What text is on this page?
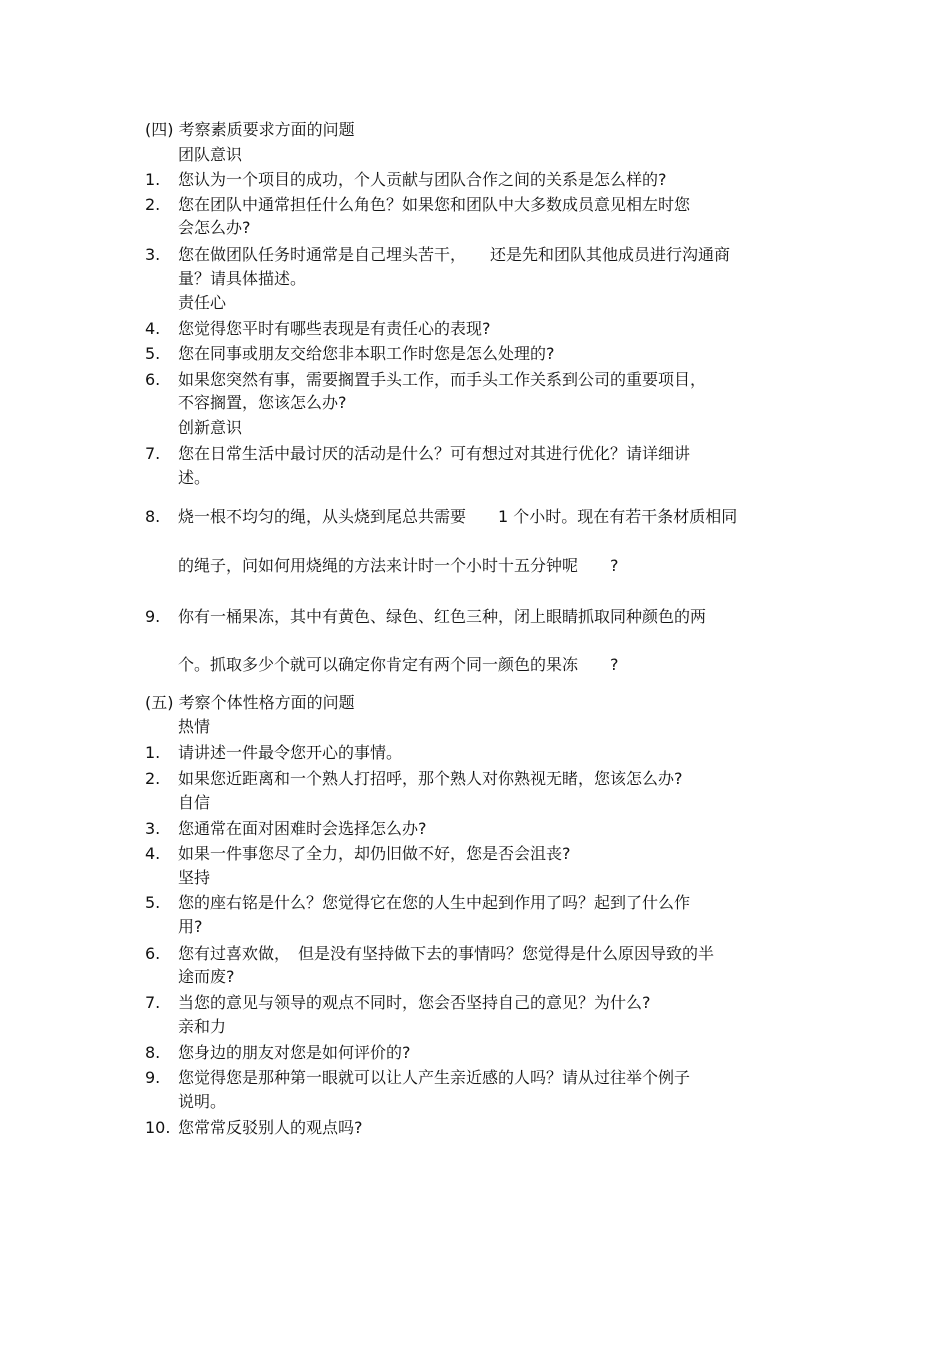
(四) 考察素质要求方面的问题
团队意识
1.	您认为一个项目的成功，个人贡献与团队合作之间的关系是怎么样的?
2.	您在团队中通常担任什么角色？如果您和团队中大多数成员意见相左时您
会怎么办?
3.	您在做团队任务时通常是自己埋头苦干，　　还是先和团队其他成员进行沟通商
量？请具体描述。
责任心
4.	您觉得您平时有哪些表现是有责任心的表现?
5.	您在同事或朋友交给您非本职工作时您是怎么处理的?
6.	如果您突然有事，需要搁置手头工作，而手头工作关系到公司的重要项目，
不容搁置，您该怎么办?
创新意识
7.	您在日常生活中最讨厌的活动是什么？可有想过对其进行优化？请详细讲
述。
8.	烧一根不均匀的绳，从头烧到尾总共需要　　1 个小时。现在有若干条材质相同
的绳子，问如何用烧绳的方法来计时一个小时十五分钟呢　　?
9.	你有一桶果冻，其中有黄色、绿色、红色三种，闭上眼睛抓取同种颜色的两
个。抓取多少个就可以确定你肯定有两个同一颜色的果冻　　?
(五) 考察个体性格方面的问题
热情
1.	请讲述一件最令您开心的事情。
2.	如果您近距离和一个熟人打招呼，那个熟人对你熟视无睹，您该怎么办?
自信
3.	您通常在面对困难时会选择怎么办?
4.	如果一件事您尽了全力，却仍旧做不好，您是否会沮丧?
坚持
5.	您的座右铭是什么？您觉得它在您的人生中起到作用了吗？起到了什么作
用?
6.	您有过喜欢做，　但是没有坚持做下去的事情吗？您觉得是什么原因导致的半
途而废?
7.	当您的意见与领导的观点不同时，您会否坚持自己的意见？为什么?
亲和力
8.	您身边的朋友对您是如何评价的?
9.	您觉得您是那种第一眼就可以让人产生亲近感的人吗？请从过往举个例子
说明。
10. 您常常反驳别人的观点吗?
